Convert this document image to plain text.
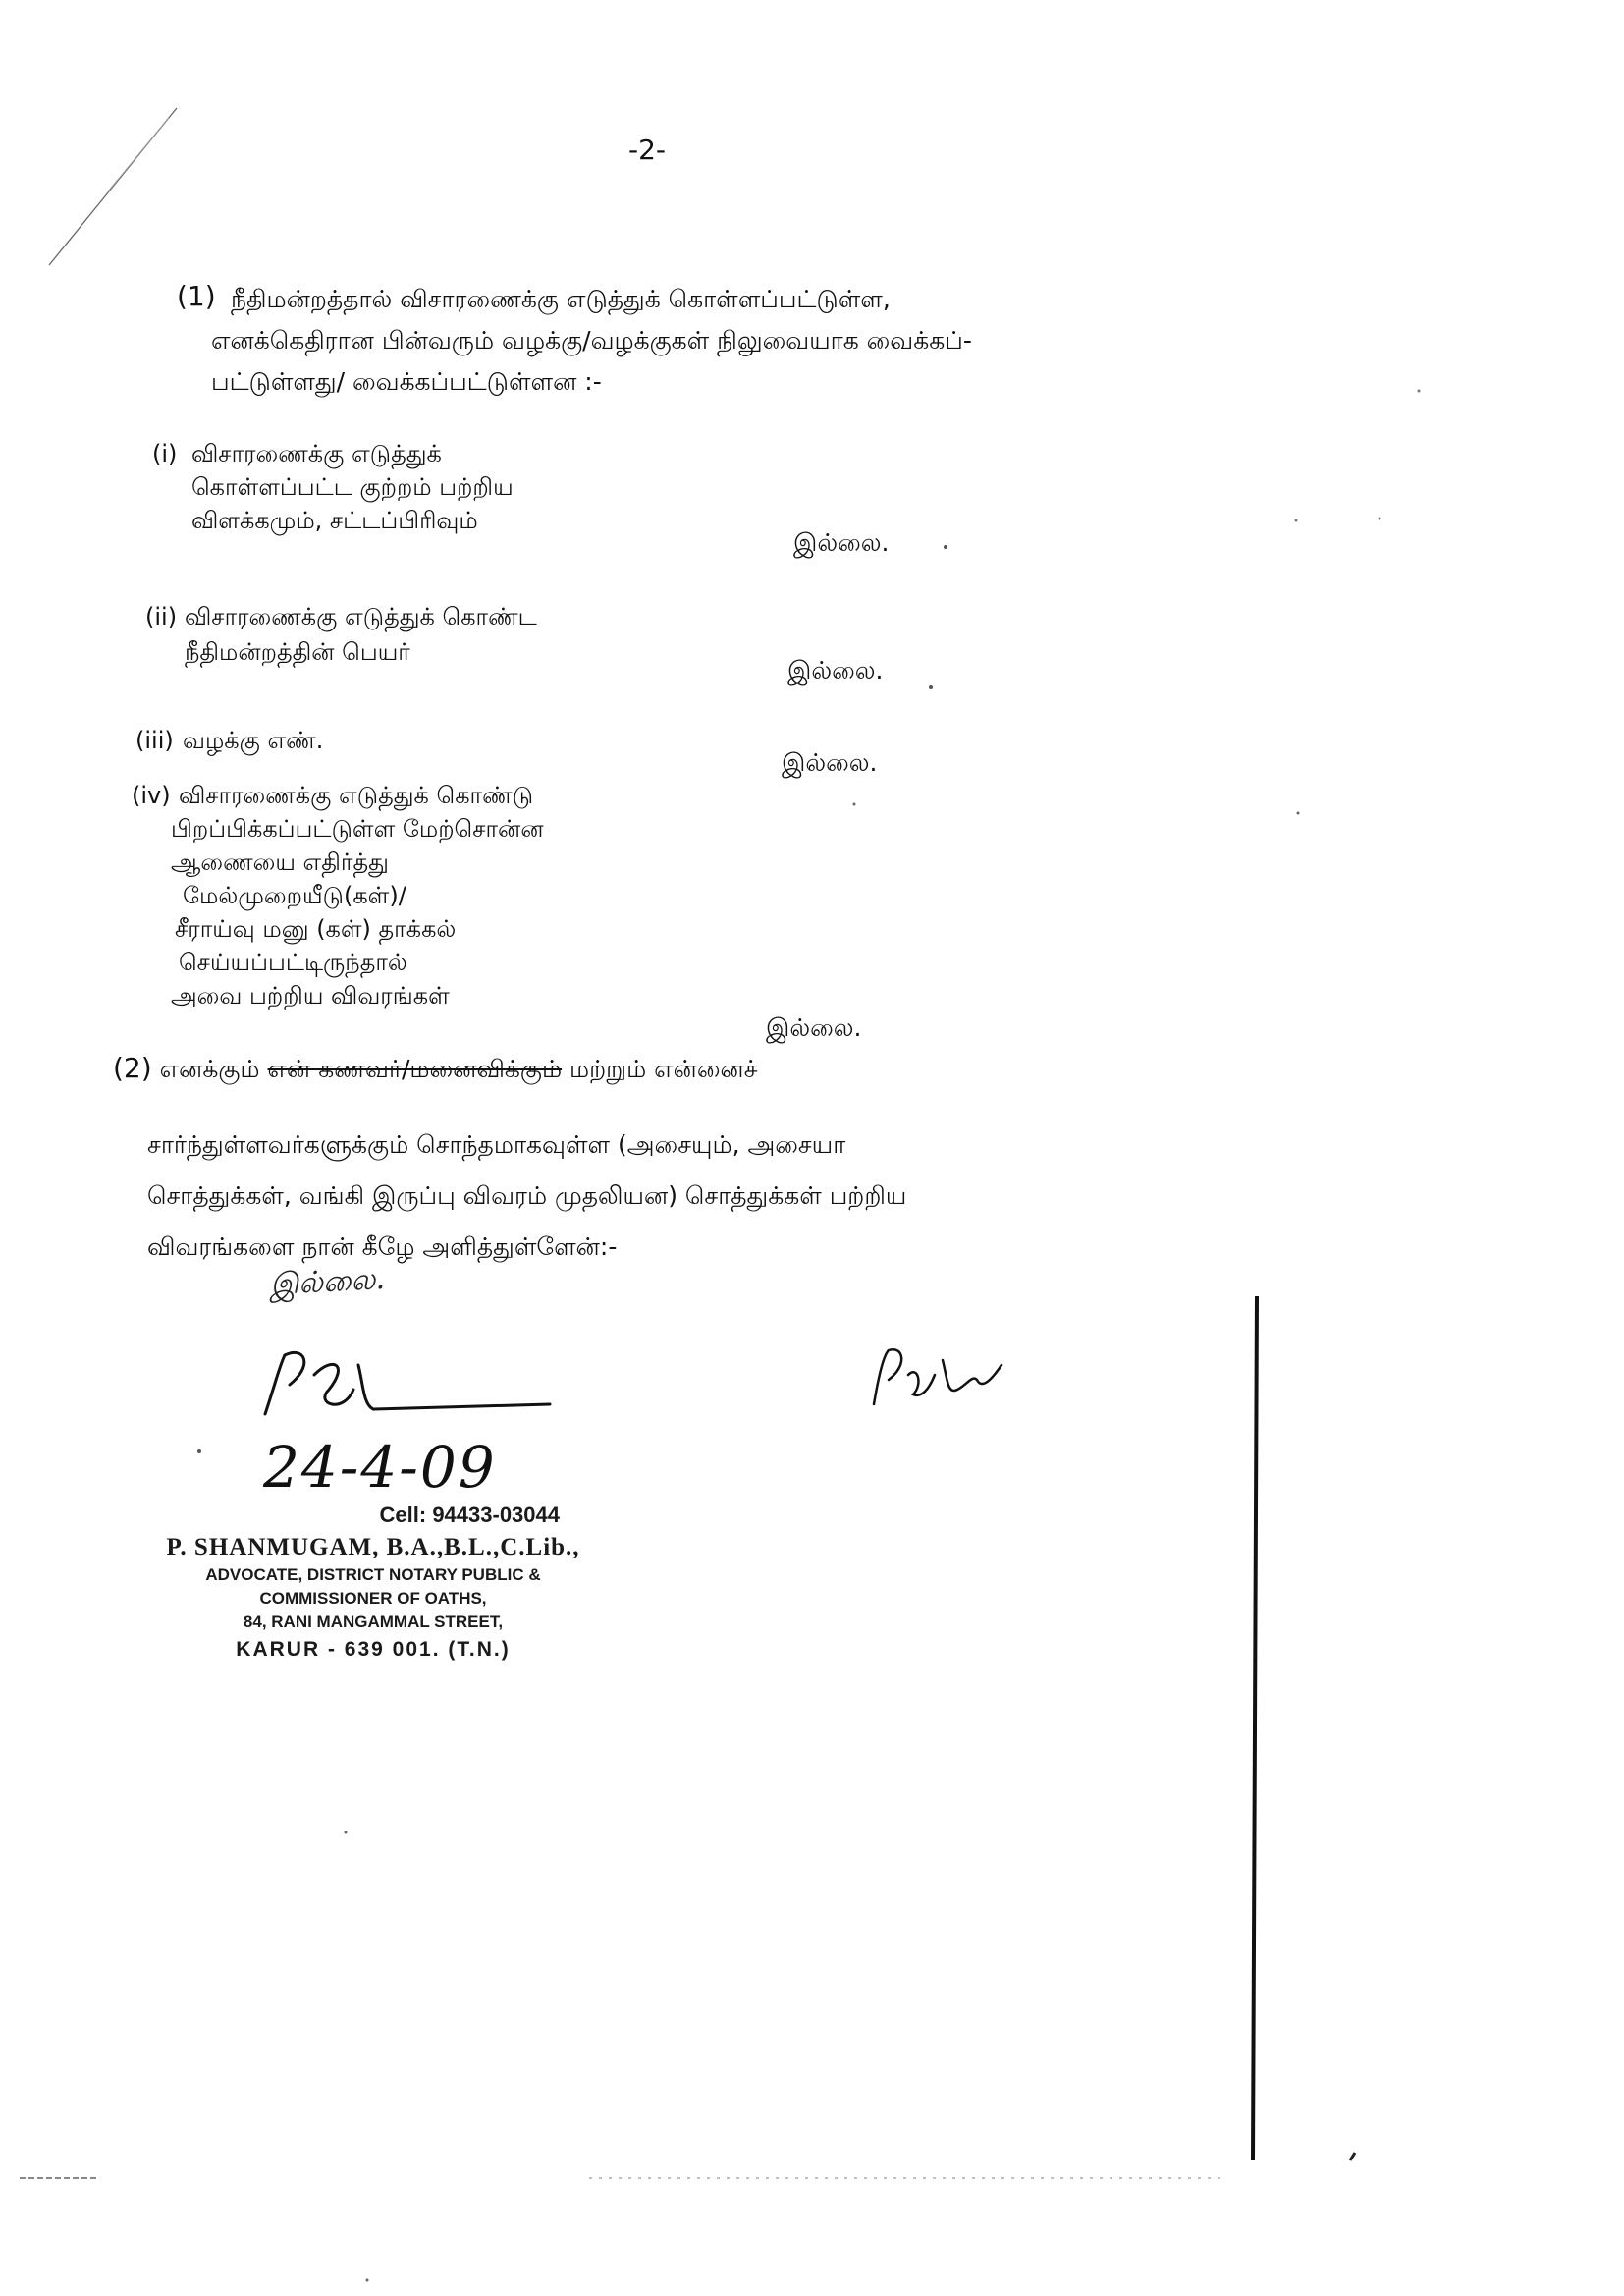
-2-
(1) நீதிமன்றத்தால் விசாரணைக்கு எடுத்துக் கொள்ளப்பட்டுள்ள,
எனக்கெதிரான பின்வரும் வழக்கு/வழக்குகள் நிலுவையாக வைக்கப்-
பட்டுள்ளது/ வைக்கப்பட்டுள்ளன :-
(i) விசாரணைக்கு எடுத்துக்
கொள்ளப்பட்ட குற்றம் பற்றிய
விளக்கமும், சட்டப்பிரிவும்
இல்லை.
(ii) விசாரணைக்கு எடுத்துக் கொண்ட
நீதிமன்றத்தின் பெயர்
இல்லை.
(iii) வழக்கு எண்.
இல்லை.
(iv) விசாரணைக்கு எடுத்துக் கொண்டு
பிறப்பிக்கப்பட்டுள்ள மேற்சொன்ன
ஆணையை எதிர்த்து
மேல்முறையீடு(கள்)/
சீராய்வு மனு (கள்) தாக்கல்
செய்யப்பட்டிருந்தால்
அவை பற்றிய விவரங்கள்
இல்லை.
(2) எனக்கும் என் கணவர்/மனைவிக்கும் மற்றும் என்னைச்
சார்ந்துள்ளவர்களுக்கும் சொந்தமாகவுள்ள (அசையும், அசையா
சொத்துக்கள், வங்கி இருப்பு விவரம் முதலியன) சொத்துக்கள் பற்றிய
விவரங்களை நான் கீழே அளித்துள்ளேன்:-
இல்லை.
24-4-09
Cell: 94433-03044
P. SHANMUGAM, B.A.,B.L.,C.Lib.,
ADVOCATE, DISTRICT NOTARY PUBLIC &
COMMISSIONER OF OATHS,
84, RANI MANGAMMAL STREET,
KARUR - 639 001. (T.N.)
